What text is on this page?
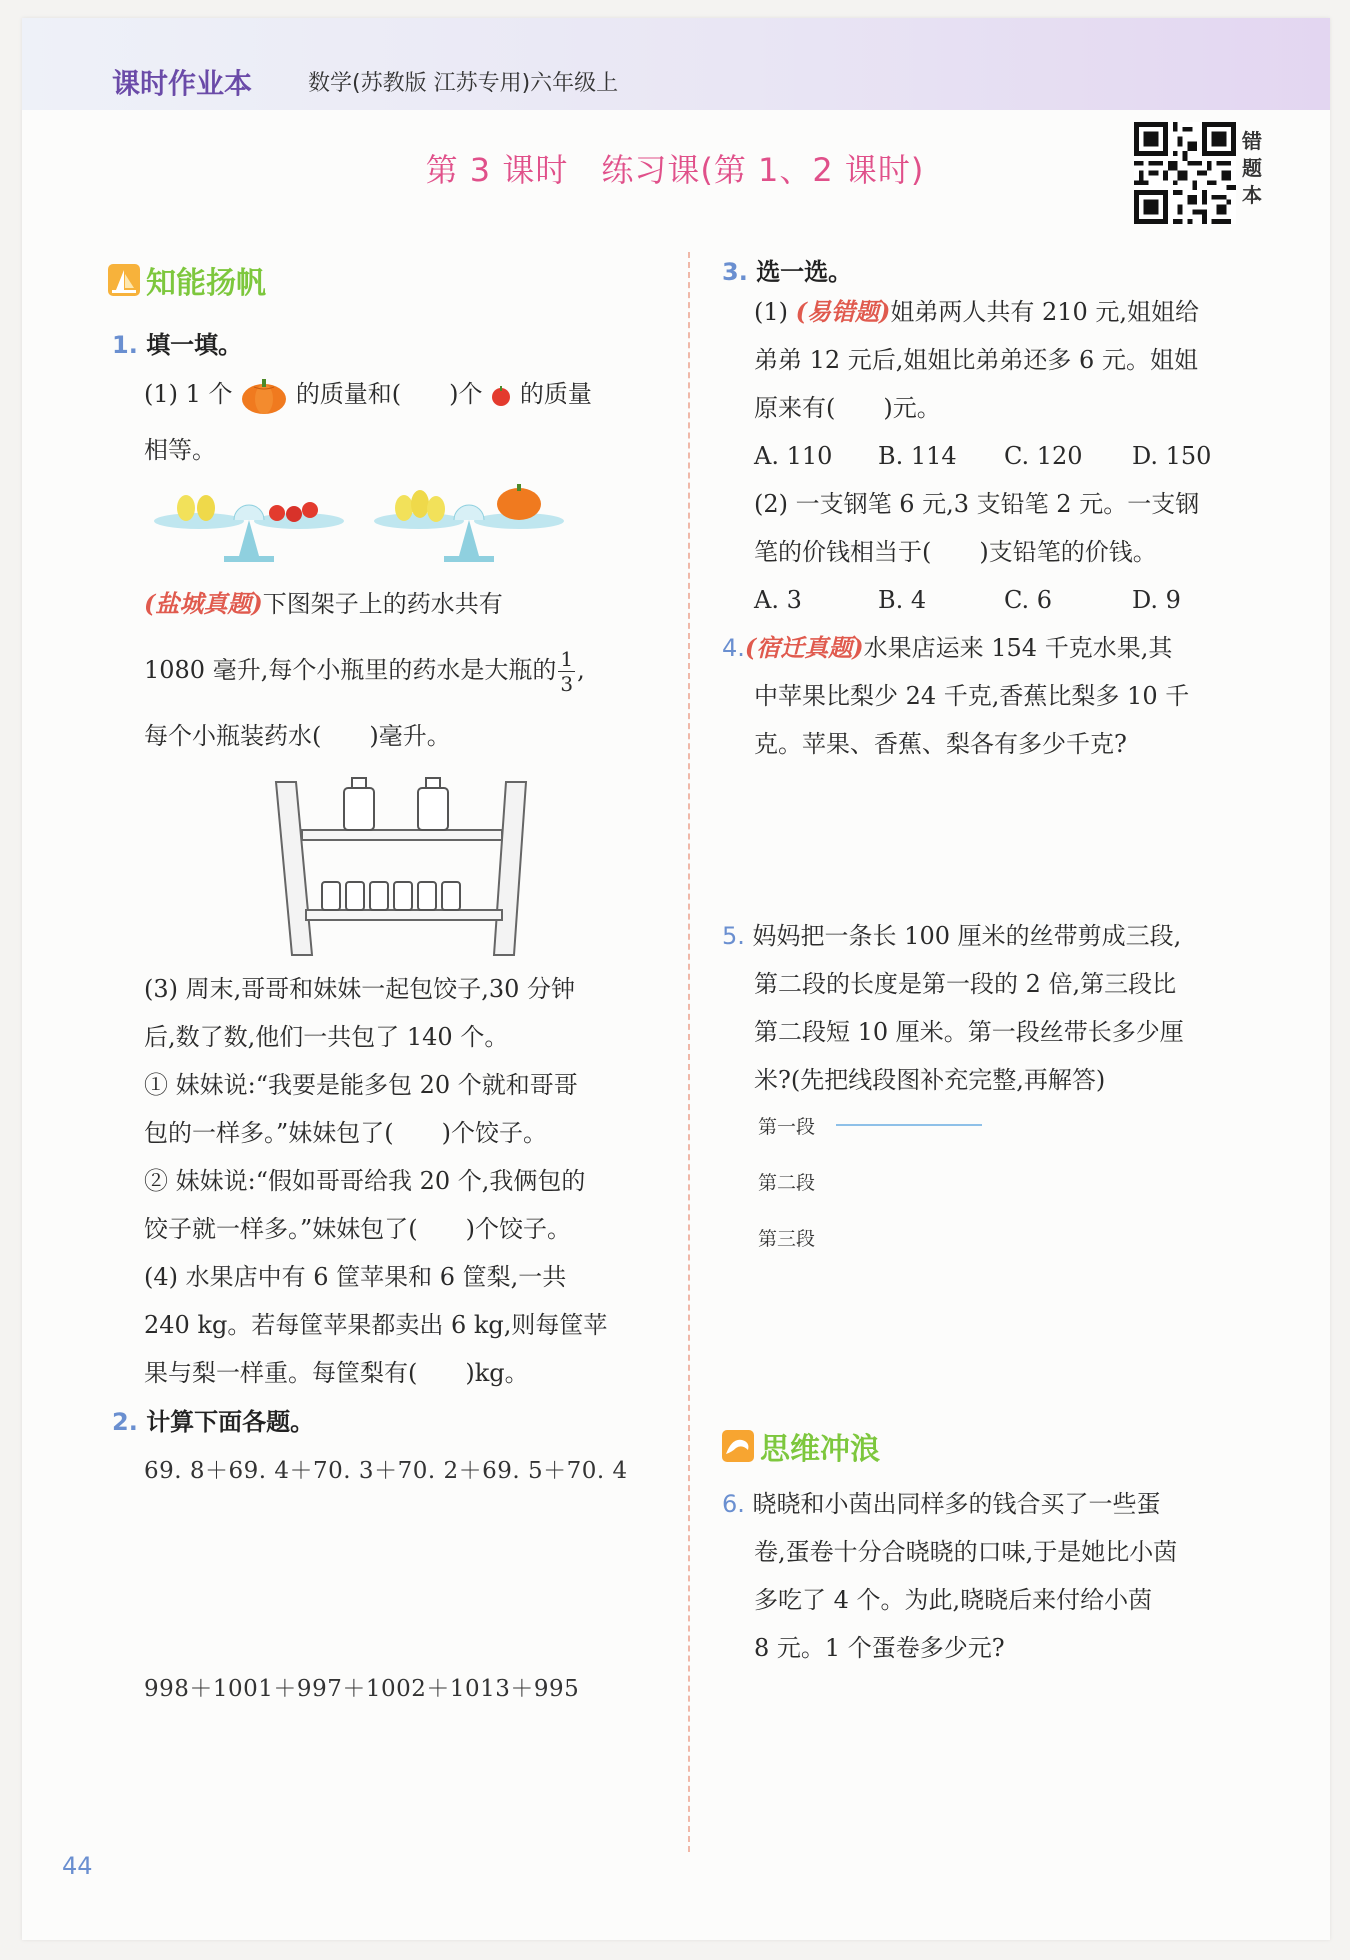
课时作业本	数学(苏教版 江苏专用)六年级上
第 3 课时　练习课(第 1、2 课时)
错
题
本
知能扬帆
1. 填一填。
(1) 1 个	的质量和(　　)个 的质量
相等。
(盐城真题)下图架子上的药水共有
1080 毫升,每个小瓶里的药水是大瓶的 $\frac{1}{3}$ ,
每个小瓶装药水(　　)毫升。
(3) 周末,哥哥和妹妹一起包饺子,30 分钟
后,数了数,他们一共包了 140 个。
① 妹妹说:“我要是能多包 20 个就和哥哥
包的一样多。”妹妹包了(　　)个饺子。
② 妹妹说:“假如哥哥给我 20 个,我俩包的
饺子就一样多。”妹妹包了(　　)个饺子。
(4) 水果店中有 6 筐苹果和 6 筐梨,一共
240 kg。若每筐苹果都卖出 6 kg,则每筐苹
果与梨一样重。每筐梨有(　　)kg。
2. 计算下面各题。
69. 8＋69. 4＋70. 3＋70. 2＋69. 5＋70. 4
998＋1001＋997＋1002＋1013＋995
44
3. 选一选。
(1) (易错题)姐弟两人共有 210 元,姐姐给
弟弟 12 元后,姐姐比弟弟还多 6 元。姐姐
原来有(　　)元。
A. 110 B. 114 C. 120 D. 150
(2) 一支钢笔 6 元,3 支铅笔 2 元。一支钢
笔的价钱相当于(　　)支铅笔的价钱。
A. 3	B. 4	C. 6	D. 9
4.(宿迁真题)水果店运来 154 千克水果,其
中苹果比梨少 24 千克,香蕉比梨多 10 千
克。苹果、香蕉、梨各有多少千克?
5. 妈妈把一条长 100 厘米的丝带剪成三段,
第二段的长度是第一段的 2 倍,第三段比
第二段短 10 厘米。第一段丝带长多少厘
米?(先把线段图补充完整,再解答)
第一段
第二段
第三段
思维冲浪
6. 晓晓和小茵出同样多的钱合买了一些蛋
卷,蛋卷十分合晓晓的口味,于是她比小茵
多吃了 4 个。为此,晓晓后来付给小茵
8 元。1 个蛋卷多少元?
